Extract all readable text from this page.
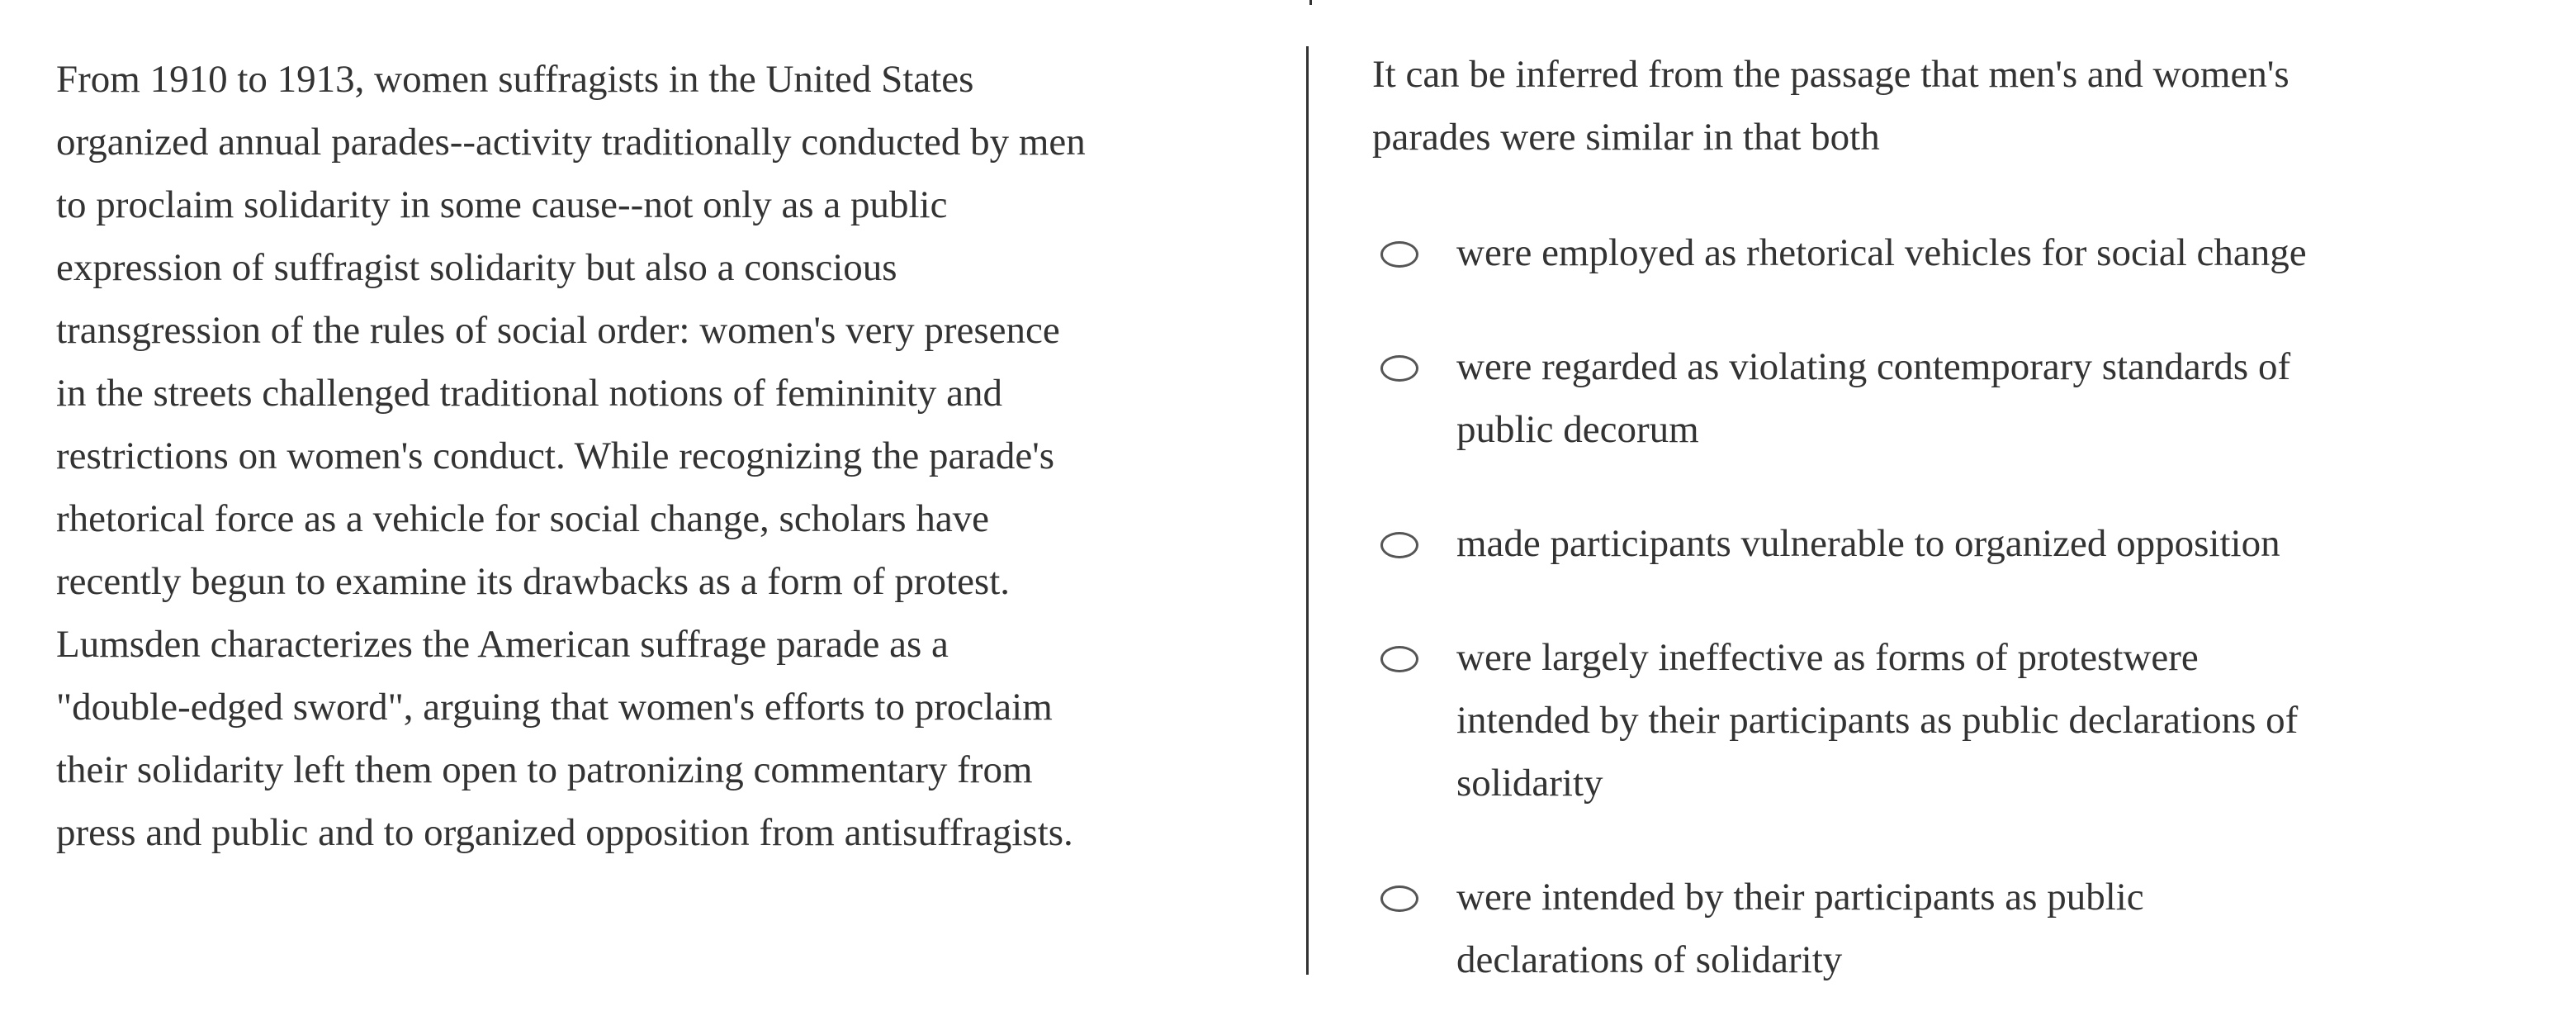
From 1910 to 1913, women suffragists in the United States
organized annual parades--activity traditionally conducted by men
to proclaim solidarity in some cause--not only as a public
expression of suffragist solidarity but also a conscious
transgression of the rules of social order: women's very presence
in the streets challenged traditional notions of femininity and
restrictions on women's conduct. While recognizing the parade's
rhetorical force as a vehicle for social change, scholars have
recently begun to examine its drawbacks as a form of protest.
Lumsden characterizes the American suffrage parade as a
"double-edged sword", arguing that women's efforts to proclaim
their solidarity left them open to patronizing commentary from
press and public and to organized opposition from antisuffragists.

It can be inferred from the passage that men's and women's
parades were similar in that both

were employed as rhetorical vehicles for social change
were regarded as violating contemporary standards of
public decorum
made participants vulnerable to organized opposition
were largely ineffective as forms of protestwere
intended by their participants as public declarations of
solidarity
were intended by their participants as public
declarations of solidarity
